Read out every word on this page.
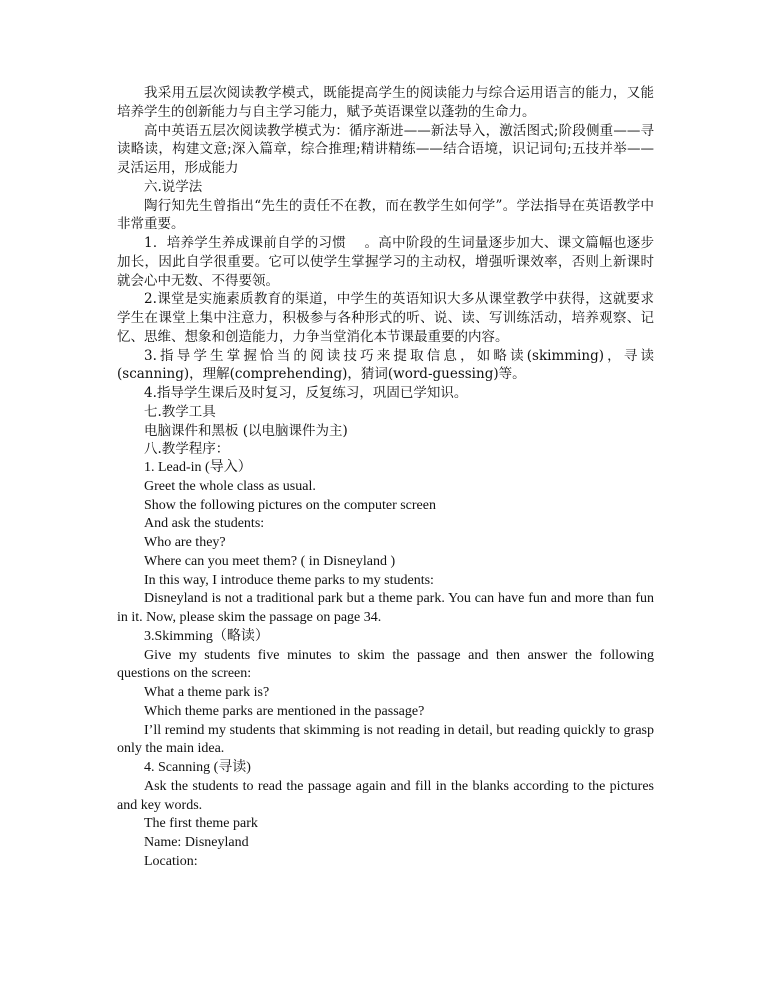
我采用五层次阅读教学模式，既能提高学生的阅读能力与综合运用语言的能力，又能培养学生的创新能力与自主学习能力，赋予英语课堂以蓬勃的生命力。

高中英语五层次阅读教学模式为：循序渐进——新法导入，激活图式;阶段侧重——寻读略读，构建文意;深入篇章，综合推理;精讲精练——结合语境，识记词句;五技并举——灵活运用，形成能力

六.说学法

陶行知先生曾指出“先生的责任不在教，而在教学生如何学”。学法指导在英语教学中非常重要。

1．培养学生养成课前自学的习惯　 。高中阶段的生词量逐步加大、课文篇幅也逐步加长，因此自学很重要。它可以使学生掌握学习的主动权，增强听课效率，否则上新课时就会心中无数、不得要领。

2.课堂是实施素质教育的渠道，中学生的英语知识大多从课堂教学中获得，这就要求学生在课堂上集中注意力，积极参与各种形式的听、说、读、写训练活动，培养观察、记忆、思维、想象和创造能力，力争当堂消化本节课最重要的内容。

3.指导学生掌握恰当的阅读技巧来提取信息，如略读(skimming)，寻读(scanning)，理解(comprehending)，猜词(word-guessing)等。

4.指导学生课后及时复习，反复练习，巩固已学知识。

七.教学工具

电脑课件和黑板 (以电脑课件为主)

八.教学程序：

1. Lead-in (导入）

Greet the whole class as usual.

Show the following pictures on the computer screen

And ask the students:

Who are they?

Where can you meet them? ( in Disneyland )

In this way, I introduce theme parks to my students:

Disneyland is not a traditional park but a theme park. You can have fun and more than fun in it. Now, please skim the passage on page 34.

3.Skimming（略读）

Give my students five minutes to skim the passage and then answer the following questions on the screen:

What a theme park is?

Which theme parks are mentioned in the passage?

I’ll remind my students that skimming is not reading in detail, but reading quickly to grasp only the main idea.

4. Scanning (寻读)

Ask the students to read the passage again and fill in the blanks according to the pictures and key words.

The first theme park

Name: Disneyland

Location:
